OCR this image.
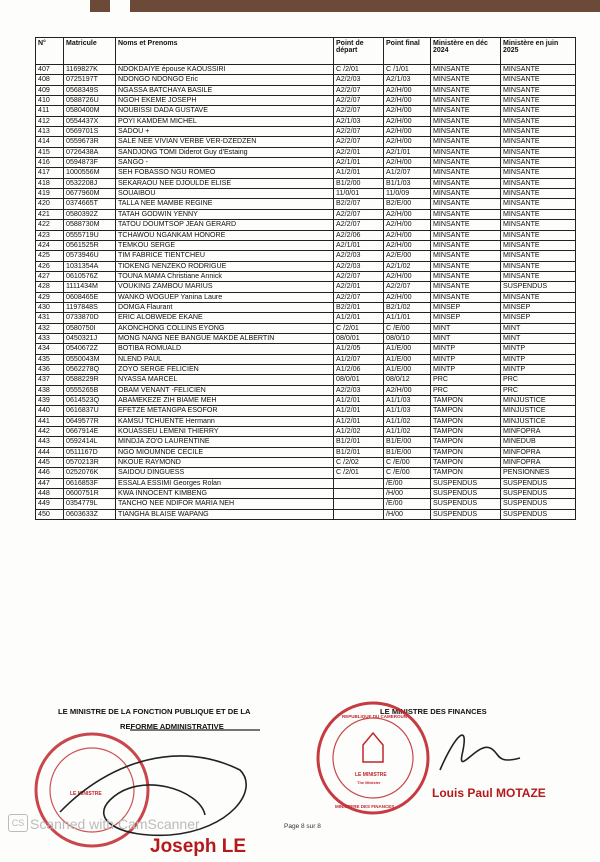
N°	Matricule	Noms et Prenoms	Point de départ	Point final	Ministère en déc 2024	Ministère en juin 2025
407	1169827K	NDOKDAIYE épouse KAOUSSIRI	C /2/01	C /1/01	MINSANTE	MINSANTE
408	0725197T	NDONGO NDONGO Eric	A2/2/03	A2/1/03	MINSANTE	MINSANTE
409	0568349S	NGASSA BATCHAYA BASILE	A2/2/07	A2/H/00	MINSANTE	MINSANTE
410	0588726U	NGOH EKEME JOSEPH	A2/2/07	A2/H/00	MINSANTE	MINSANTE
411	0580400M	NOUBISSI DADA GUSTAVE	A2/2/07	A2/H/00	MINSANTE	MINSANTE
412	0554437X	POYI KAMDEM MICHEL	A2/1/03	A2/H/00	MINSANTE	MINSANTE
413	0569701S	SADOU +	A2/2/07	A2/H/00	MINSANTE	MINSANTE
414	0559673R	SALE NEE VIVIAN VERBE VER-DZEDZEN	A2/2/07	A2/H/00	MINSANTE	MINSANTE
415	0726438A	SANDJONG TOMI Diderot Guy d'Estaing	A2/2/01	A2/1/01	MINSANTE	MINSANTE
416	0594873F	SANGO -	A2/1/01	A2/H/00	MINSANTE	MINSANTE
417	1000556M	SEH FOBASSO NGU ROMEO	A1/2/01	A1/2/07	MINSANTE	MINSANTE
418	0532208J	SEKARAOU NEE DJOULDE ELISE	B1/2/00	B1/1/03	MINSANTE	MINSANTE
419	0677960M	SOUAIBOU	11/0/01	11/0/09	MINSANTE	MINSANTE
420	0374665T	TALLA NEE MAMBE REGINE	B2/2/07	B2/E/00	MINSANTE	MINSANTE
421	0580392Z	TATAH GODWIN YENNY	A2/2/07	A2/H/00	MINSANTE	MINSANTE
422	0588730M	TATOU DOUMTSOP JEAN GERARD	A2/2/07	A2/H/00	MINSANTE	MINSANTE
423	0555719U	TCHAWOU NGANKAM HONORE	A2/2/06	A2/H/00	MINSANTE	MINSANTE
424	0561525R	TEMKOU SERGE	A2/1/01	A2/H/00	MINSANTE	MINSANTE
425	0573946U	TIM FABRICE TIENTCHEU	A2/2/03	A2/E/00	MINSANTE	MINSANTE
426	1031354A	TIOKENG NENZEKO RODRIGUE	A2/2/03	A2/1/02	MINSANTE	MINSANTE
427	0610576Z	TOUNA MAMA Christiane Annick	A2/2/07	A2/H/00	MINSANTE	MINSANTE
428	1111434M	VOUKING ZAMBOU MARIUS	A2/2/01	A2/2/07	MINSANTE	SUSPENDUS
429	0608465E	WANKO WOGUEP Yanina Laure	A2/2/07	A2/H/00	MINSANTE	MINSANTE
430	1197848S	DOMGA Flaurant	B2/2/01	B2/1/02	MINSEP	MINSEP
431	0733870D	ERIC ALOBWEDE EKANE	A1/2/01	A1/1/01	MINSEP	MINSEP
432	0580750I	AKONCHONG COLLINS EYONG	C /2/01	C /E/00	MINT	MINT
433	0450321J	MONG NANG NEE BANGUE MAKDE ALBERTIN	08/0/01	08/0/10	MINT	MINT
434	0540672Z	BOTIBA ROMUALD	A1/2/05	A1/E/00	MINTP	MINTP
435	0550043M	NLEND PAUL	A1/2/07	A1/E/00	MINTP	MINTP
436	0562278Q	ZOYO SERGE FELICIEN	A1/2/06	A1/E/00	MINTP	MINTP
437	0588229R	NYASSA MARCEL	08/0/01	08/0/12	PRC	PRC
438	0555265B	OBAM VENANT -FELICIEN	A2/2/03	A2/H/00	PRC	PRC
439	0614523Q	ABAMEKEZE ZIH BIAME MEH	A1/2/01	A1/1/03	TAMPON	MINJUSTICE
440	0616837U	EFETZE METANGPA ESOFOR	A1/2/01	A1/1/03	TAMPON	MINJUSTICE
441	0649577R	KAMSU TCHUENTE Hermann	A1/2/01	A1/1/02	TAMPON	MINJUSTICE
442	0667914E	KOUASSEU LEMENI THIERRY	A1/2/02	A1/1/02	TAMPON	MINFOPRA
443	0592414L	MINDJA ZO'O LAURENTINE	B1/2/01	B1/E/00	TAMPON	MINEDUB
444	0511167D	NGO MIOUMNDE CECILE	B1/2/01	B1/E/00	TAMPON	MINFOPRA
445	0570213R	NKOUE RAYMOND	C /2/02	C /E/00	TAMPON	MINFOPRA
446	0252076K	SAIDOU DINGUESS	C /2/01	C /E/00	TAMPON	PENSIONNES
447	0616853F	ESSALA ESSIMI Georges Rolan		/E/00	SUSPENDUS	SUSPENDUS
448	0600751R	KWA INNOCENT KIMBENG		/H/00	SUSPENDUS	SUSPENDUS
449	0354779L	TANCHO NEE NDIFOR MARIA NEH		/E/00	SUSPENDUS	SUSPENDUS
450	0603633Z	TIANGHA BLAISE WAPANG		/H/00	SUSPENDUS	SUSPENDUS
LE MINISTRE DE LA FONCTION PUBLIQUE ET DE LA
REFORME ADMINISTRATIVE
LE MINISTRE DES FINANCES
LE MINISTRE
LE MINISTRE
The Minister
REPUBLIQUE DU CAMEROUN
MINISTERE DES FINANCES
Louis Paul MOTAZE
Joseph LE
CS Scanned with CamScanner	Page 8 sur 8
